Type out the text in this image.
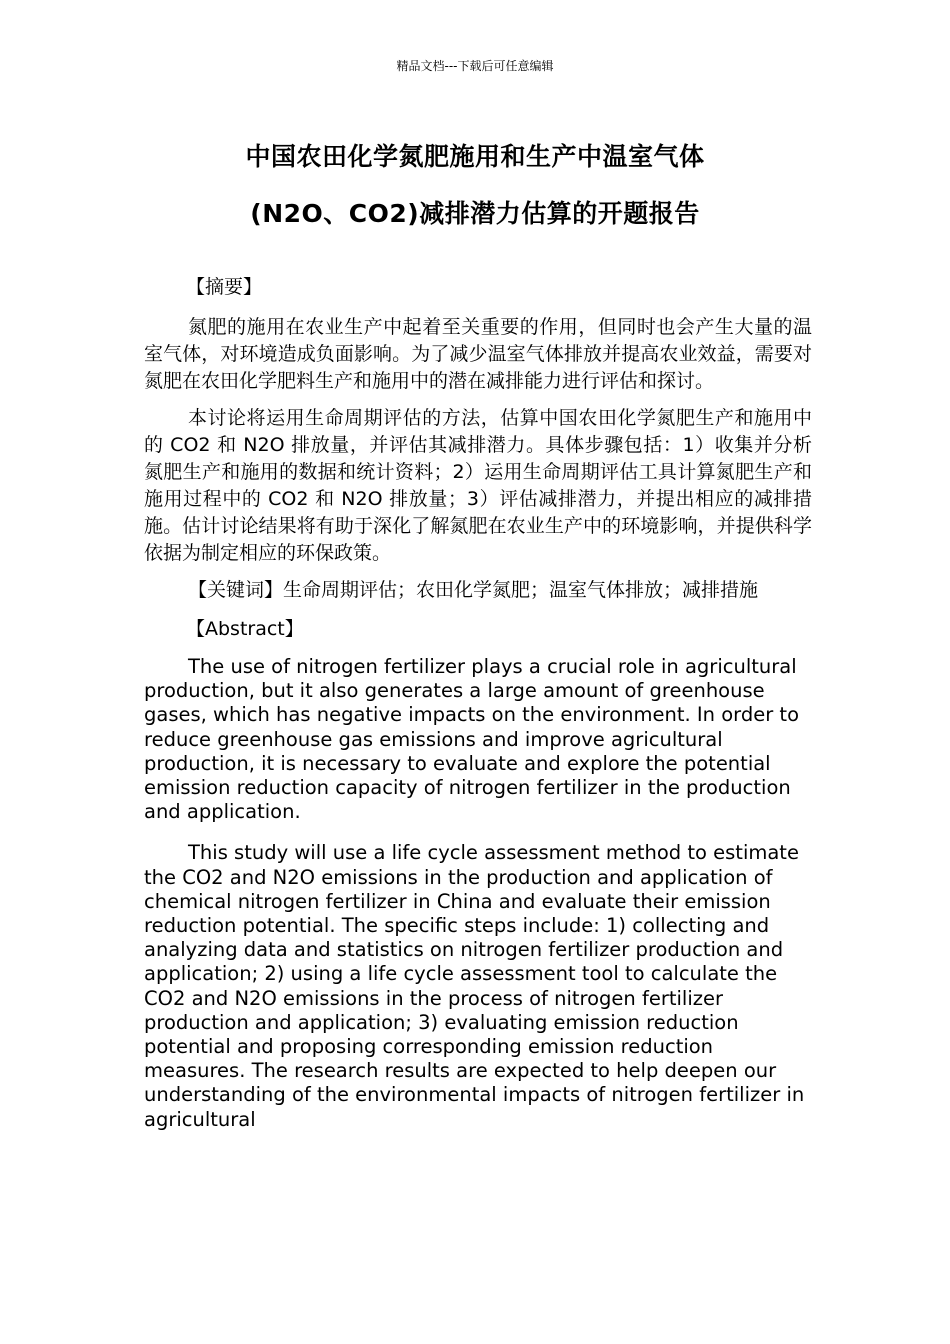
精品文档---下载后可任意编辑
中国农田化学氮肥施用和生产中温室气体
(N2O、CO2)减排潜力估算的开题报告

【摘要】

氮肥的施用在农业生产中起着至关重要的作用，但同时也会产生大量的温室气体，对环境造成负面影响。为了减少温室气体排放并提高农业效益，需要对氮肥在农田化学肥料生产和施用中的潜在减排能力进行评估和探讨。

本讨论将运用生命周期评估的方法，估算中国农田化学氮肥生产和施用中的 CO2 和 N2O 排放量，并评估其减排潜力。具体步骤包括：1）收集并分析氮肥生产和施用的数据和统计资料；2）运用生命周期评估工具计算氮肥生产和施用过程中的 CO2 和 N2O 排放量；3）评估减排潜力，并提出相应的减排措施。估计讨论结果将有助于深化了解氮肥在农业生产中的环境影响，并提供科学依据为制定相应的环保政策。

【关键词】生命周期评估；农田化学氮肥；温室气体排放；减排措施

【Abstract】

The use of nitrogen fertilizer plays a crucial role in agricultural production, but it also generates a large amount of greenhouse gases, which has negative impacts on the environment. In order to reduce greenhouse gas emissions and improve agricultural production, it is necessary to evaluate and explore the potential emission reduction capacity of nitrogen fertilizer in the production and application.

This study will use a life cycle assessment method to estimate the CO2 and N2O emissions in the production and application of chemical nitrogen fertilizer in China and evaluate their emission reduction potential. The specific steps include: 1) collecting and analyzing data and statistics on nitrogen fertilizer production and application; 2) using a life cycle assessment tool to calculate the CO2 and N2O emissions in the process of nitrogen fertilizer production and application; 3) evaluating emission reduction potential and proposing corresponding emission reduction measures. The research results are expected to help deepen our understanding of the environmental impacts of nitrogen fertilizer in agricultural
